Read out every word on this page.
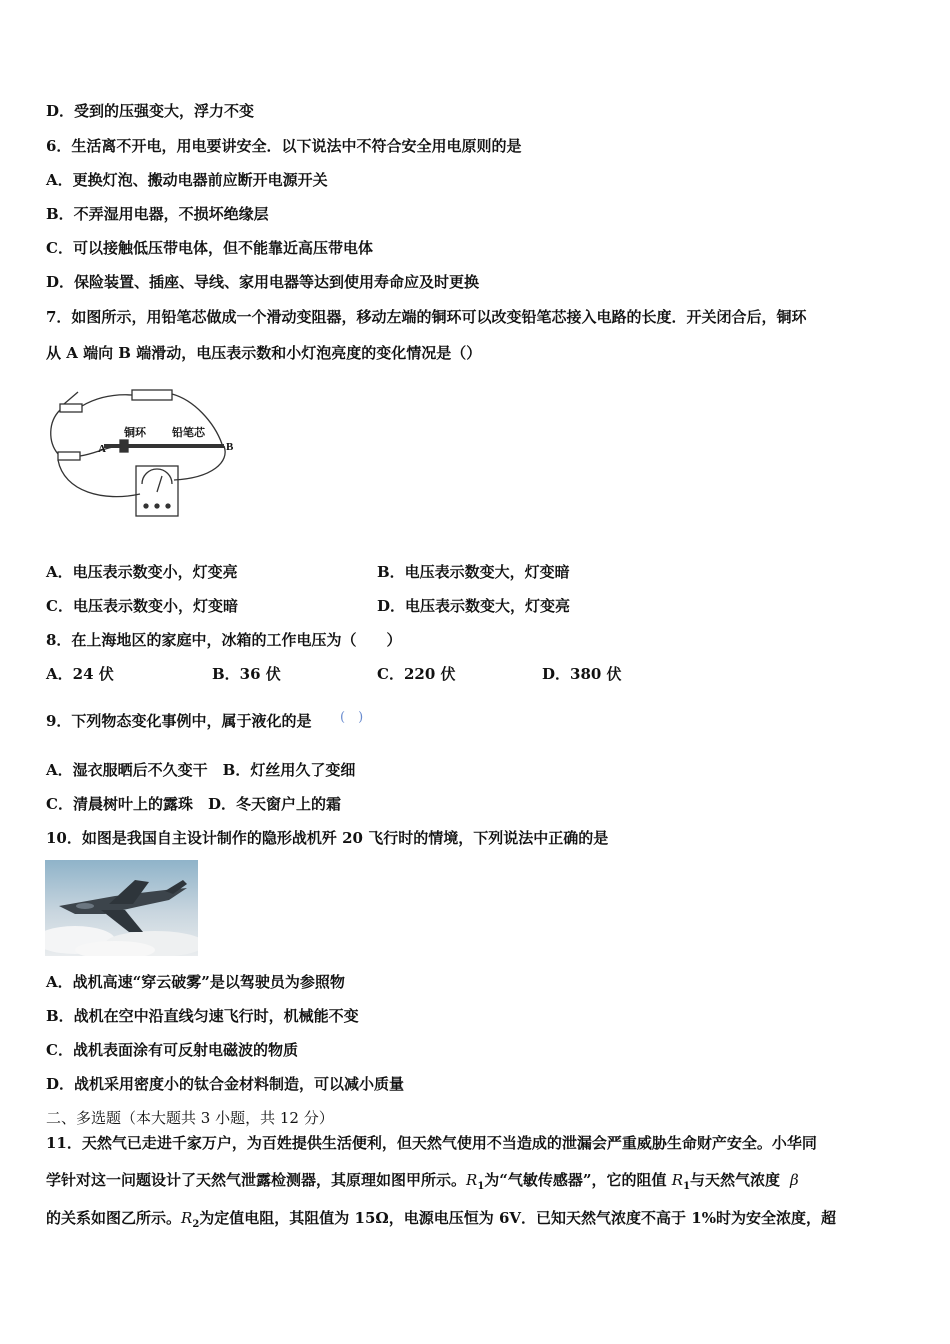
D．受到的压强变大，浮力不变
6．生活离不开电，用电要讲安全．以下说法中不符合安全用电原则的是
A．更换灯泡、搬动电器前应断开电源开关
B．不弄湿用电器，不损坏绝缘层
C．可以接触低压带电体，但不能靠近高压带电体
D．保险装置、插座、导线、家用电器等达到使用寿命应及时更换
7．如图所示，用铅笔芯做成一个滑动变阻器，移动左端的铜环可以改变铅笔芯接入电路的长度．开关闭合后，铜环
从 A 端向 B 端滑动，电压表示数和小灯泡亮度的变化情况是（）
A	B
铜环 铅笔芯
A．电压表示数变小，灯变亮	B．电压表示数变大，灯变暗
C．电压表示数变小，灯变暗	D．电压表示数变大，灯变亮
8．在上海地区的家庭中，冰箱的工作电压为（　　）
A．24 伏	B．36 伏	C．220 伏	D．380 伏
9．下列物态变化事例中，属于液化的是 (　)
A．湿衣服晒后不久变干　B．灯丝用久了变细
C．清晨树叶上的露珠　D．冬天窗户上的霜
10．如图是我国自主设计制作的隐形战机歼 20 飞行时的情境，下列说法中正确的是
A．战机高速“穿云破雾”是以驾驶员为参照物
B．战机在空中沿直线匀速飞行时，机械能不变
C．战机表面涂有可反射电磁波的物质
D．战机采用密度小的钛合金材料制造，可以减小质量
二、多选题（本大题共 3 小题，共 12 分）
11．天然气已走进千家万户，为百姓提供生活便利，但天然气使用不当造成的泄漏会严重威胁生命财产安全。小华同
学针对这一问题设计了天然气泄露检测器，其原理如图甲所示。$R_1$为“气敏传感器”，它的阻值 $R_1$与天然气浓度 β
的关系如图乙所示。$R_2$为定值电阻，其阻值为 15Ω，电源电压恒为 6V．已知天然气浓度不高于 1%时为安全浓度，超
